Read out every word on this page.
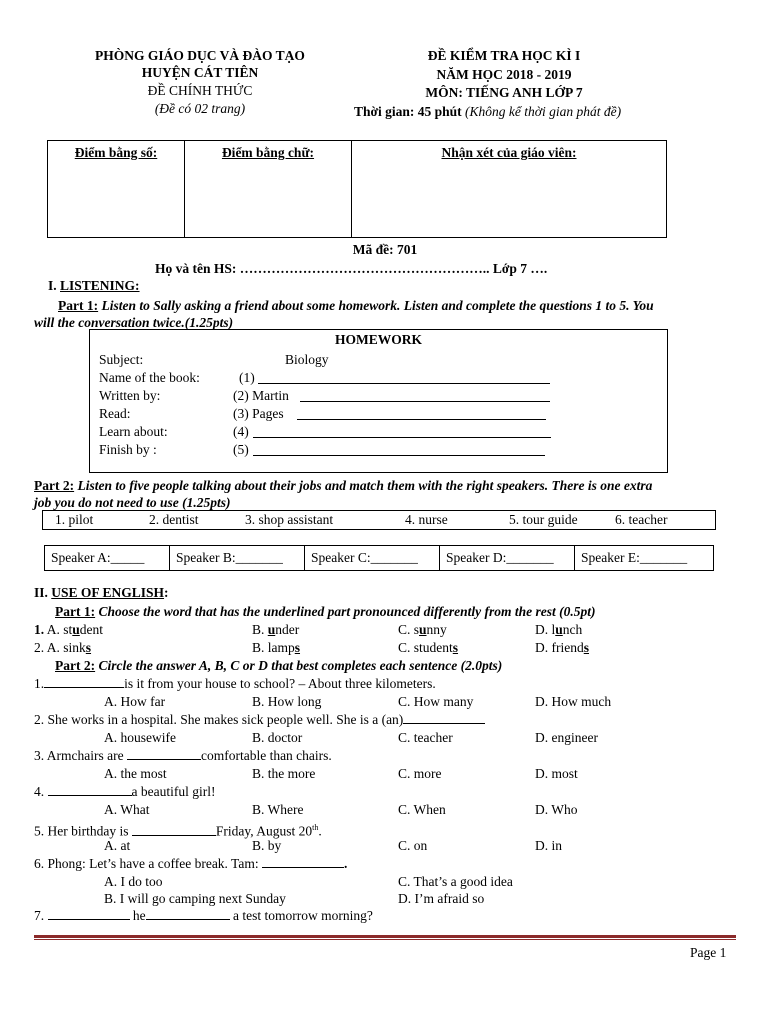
PHÒNG GIÁO DỤC VÀ ĐÀO TẠO
HUYỆN CÁT TIÊN
ĐỀ CHÍNH THỨC
(Đề có 02 trang)
ĐỀ KIỂM TRA HỌC KÌ I
NĂM HỌC 2018 - 2019
MÔN: TIẾNG ANH LỚP 7
Thời gian: 45 phút (Không kể thời gian phát đề)
Điểm bằng số:	Điểm bằng chữ:	Nhận xét của giáo viên:
Mã đề: 701
Họ và tên HS: ……………………………………………….. Lớp 7 ….
I. LISTENING:
Part 1: Listen to Sally asking a friend about some homework. Listen and complete the questions 1 to 5. You
will the conversation twice.(1.25pts)
HOMEWORK
Subject:	Biology
Name of the book:	(1)
Written by:	(2) Martin
Read:	(3) Pages
Learn about:	(4)
Finish by :	(5)
Part 2: Listen to five people talking about their jobs and match them with the right speakers. There is one extra
job you do not need to use (1.25pts)
1. pilot	2. dentist	3. shop assistant	4. nurse	5. tour guide	6. teacher
Speaker A:_____	Speaker B:_______	Speaker C:_______	Speaker D:_______	Speaker E:_______
II. USE OF ENGLISH:
Part 1: Choose the word that has the underlined part pronounced differently from the rest (0.5pt)
1. A. student	B. under	C. sunny	D. lunch
2. A. sinks	B. lamps	C. students	D. friends
Part 2: Circle the answer A, B, C or D that best completes each sentence (2.0pts)
1.	is it from your house to school? – About three kilometers.
A. How far	B. How long	C. How many	D. How much
2. She works in a hospital. She makes sick people well. She is a (an)
A. housewife	B. doctor	C. teacher	D. engineer
3. Armchairs are	comfortable than chairs.
A. the most	B. the more	C. more	D. most
4.	a beautiful girl!
A. What	B. Where	C. When	D. Who
5. Her birthday is	Friday, August 20th.
A. at	B. by	C. on	D. in
6. Phong: Let’s have a coffee break. Tam:	.
A. I do too	C. That’s a good idea
B. I will go camping next Sunday	D. I’m afraid so
7.	he	a test tomorrow morning?
Page 1
